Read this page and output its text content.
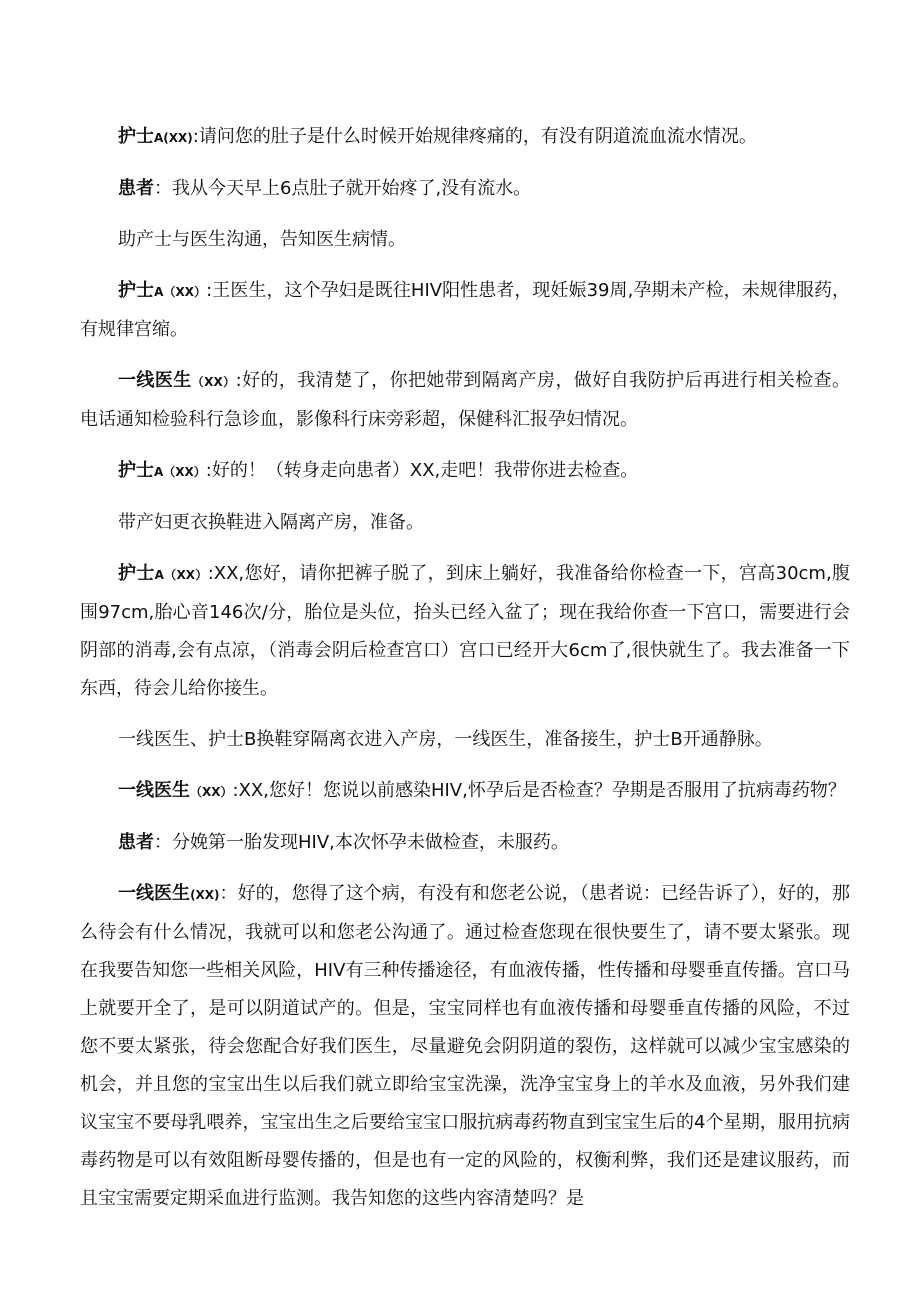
护士A(XX):请问您的肚子是什么时候开始规律疼痛的，有没有阴道流血流水情况。

患者：我从今天早上6点肚子就开始疼了,没有流水。

助产士与医生沟通，告知医生病情。

护士A（XX）:王医生，这个孕妇是既往HIV阳性患者，现妊娠39周,孕期未产检，未规律服药，有规律宫缩。

一线医生（XX）:好的，我清楚了，你把她带到隔离产房，做好自我防护后再进行相关检查。电话通知检验科行急诊血，影像科行床旁彩超，保健科汇报孕妇情况。

护士A（XX）:好的！（转身走向患者）XX,走吧！我带你进去检查。

带产妇更衣换鞋进入隔离产房，准备。

护士A（XX）:XX,您好，请你把裤子脱了，到床上躺好，我准备给你检查一下，宫高30cm,腹围97cm,胎心音146次/分，胎位是头位，抬头已经入盆了；现在我给你查一下宫口，需要进行会阴部的消毒,会有点凉，（消毒会阴后检查宫口）宫口已经开大6cm了,很快就生了。我去准备一下东西，待会儿给你接生。

一线医生、护士B换鞋穿隔离衣进入产房，一线医生，准备接生，护士B开通静脉。

一线医生（XX）:XX,您好！您说以前感染HIV,怀孕后是否检查？孕期是否服用了抗病毒药物？

患者：分娩第一胎发现HIV,本次怀孕未做检查，未服药。

一线医生(XX)：好的，您得了这个病，有没有和您老公说，（患者说：已经告诉了），好的，那么待会有什么情况，我就可以和您老公沟通了。通过检查您现在很快要生了，请不要太紧张。现在我要告知您一些相关风险，HIV有三种传播途径，有血液传播，性传播和母婴垂直传播。宫口马上就要开全了，是可以阴道试产的。但是，宝宝同样也有血液传播和母婴垂直传播的风险，不过您不要太紧张，待会您配合好我们医生，尽量避免会阴阴道的裂伤，这样就可以减少宝宝感染的机会，并且您的宝宝出生以后我们就立即给宝宝洗澡，洗净宝宝身上的羊水及血液，另外我们建议宝宝不要母乳喂养，宝宝出生之后要给宝宝口服抗病毒药物直到宝宝生后的4个星期，服用抗病毒药物是可以有效阻断母婴传播的，但是也有一定的风险的，权衡利弊，我们还是建议服药，而且宝宝需要定期采血进行监测。我告知您的这些内容清楚吗？是
